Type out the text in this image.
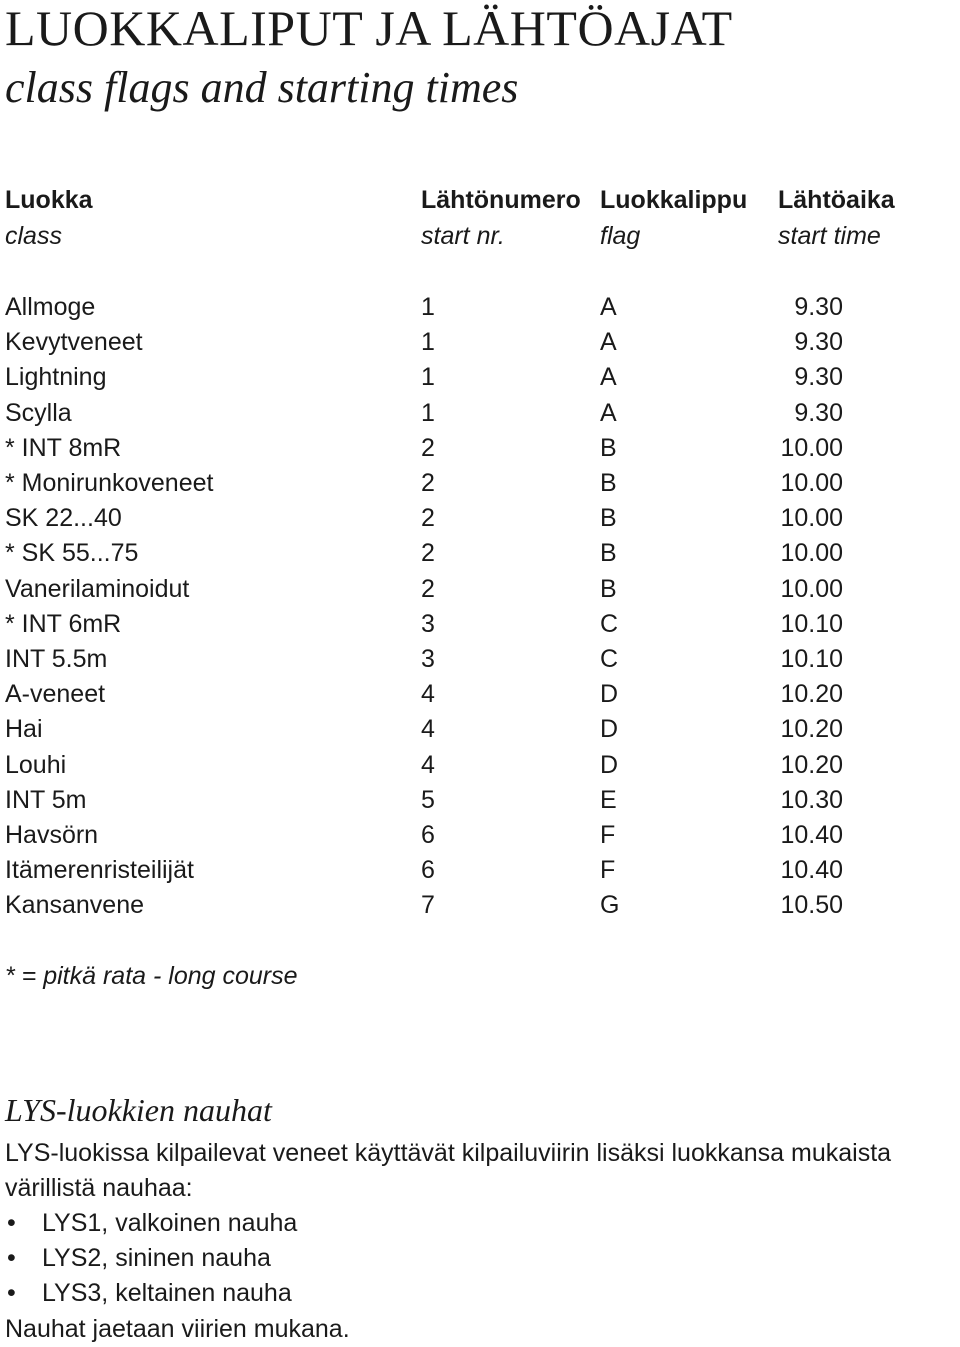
LUOKKALIPUT JA LÄHTÖAJAT
class flags and starting times
Luokka	Lähtönumero Luokkalippu Lähtöaika
class	start nr.	flag	start time
Allmoge	1	A	9.30
Kevytveneet	1	A	9.30
Lightning	1	A	9.30
Scylla	1	A	9.30
* INT 8mR	2	B	10.00
* Monirunkoveneet	2	B	10.00
SK 22...40	2	B	10.00
* SK 55...75	2	B	10.00
Vanerilaminoidut	2	B	10.00
* INT 6mR	3	C	10.10
INT 5.5m	3	C	10.10
A-veneet	4	D	10.20
Hai	4	D	10.20
Louhi	4	D	10.20
INT 5m	5	E	10.30
Havsörn	6	F	10.40
Itämerenristeilijät	6	F	10.40
Kansanvene	7	G	10.50
* = pitkä rata - long course
LYS-luokkien nauhat
LYS-luokissa kilpailevat veneet käyttävät kilpailuviirin lisäksi luokkansa mukaista värillistä nauhaa:
• LYS1, valkoinen nauha
• LYS2, sininen nauha
• LYS3, keltainen nauha
Nauhat jaetaan viirien mukana.
